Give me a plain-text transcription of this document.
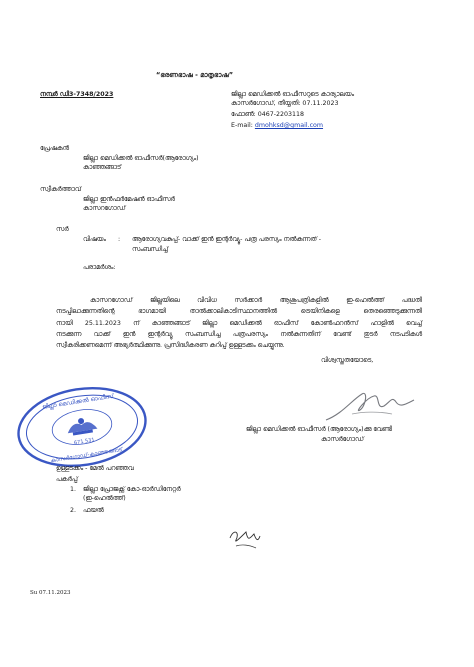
“ഭരണഭാഷ - മാതൃഭാഷ”
നമ്പർ ഡി3-7348/2023	ജില്ലാ മെഡിക്കൽ ഓഫീസറുടെ കാര്യാലയം
കാസർഗോഡ്, തീയ്യതി: 07.11.2023
ഫോൺ: 0467-2203118
E-mail: dmohksd@gmail.com
പ്രേഷകൻ
ജില്ലാ മെഡിക്കൽ ഓഫീസർ(ആരോഗ്യം)
കാഞ്ഞങ്ങാട്
സ്വീകർത്താവ്
ജില്ലാ ഇൻഫർമേഷൻ ഓഫീസർ
കാസറഗോഡ്
സർ
വിഷയം : ആരോഗ്യവകുപ്പ്- വാക്ക് ഇൻ ഇന്റർവ്യൂ- പത്ര പരസ്യം നൽകുന്നത് -
സംബന്ധിച്ച്
പരാമർശം:
കാസറഗോഡ് ജില്ലയിലെ വിവിധ സർക്കാർ ആശുപത്രികളിൽ ഇ-ഹെൽത്ത് പദ്ധതി
നടപ്പിലാക്കുന്നതിന്റെ ഭാഗമായി താൽക്കാലികാടിസ്ഥാനത്തിൽ ട്രെയിനികളെ തെരഞ്ഞെടുക്കുന്നതി
നായി 25.11.2023 ന് കാഞ്ഞങ്ങാട് ജില്ലാ മെഡിക്കൽ ഓഫീസ് കോൺഫറൻസ് ഹാളിൽ വെച്ച്
നടക്കുന്ന വാക്ക് ഇൻ ഇന്റർവ്യൂ സംബന്ധിച്ച പത്രപരസ്യം നൽകുന്നതിന് വേണ്ട് തുടർ നടപടികൾ
സ്വീകരിക്കണമെന്ന് അഭ്യർത്ഥിക്കുന്നു. പ്രസിദ്ധീകരണ കുറിപ്പ് ഉള്ളടക്കം ചെയ്യുന്നു.
വിശ്വസ്തതയോടെ,
ജില്ലാ മെഡിക്കൽ ഓഫീസ്
കാസർഗോഡ്-കാഞ്ഞങ്ങാട്
671 531
ജില്ലാ മെഡിക്കൽ ഓഫീസർ (ആരോഗ്യം)ക്കു വേണ്ടി
കാസർഗോഡ്
ഉള്ളടക്കം - മേൽ പറഞ്ഞവ
പകർപ്പ്
1. ജില്ലാ പ്രോജക്റ്റ് കോ-ഓർഡിനേറ്റർ
(ഇ-ഹെൽത്ത്)
2. ഫയൽ
Su 07.11.2023
